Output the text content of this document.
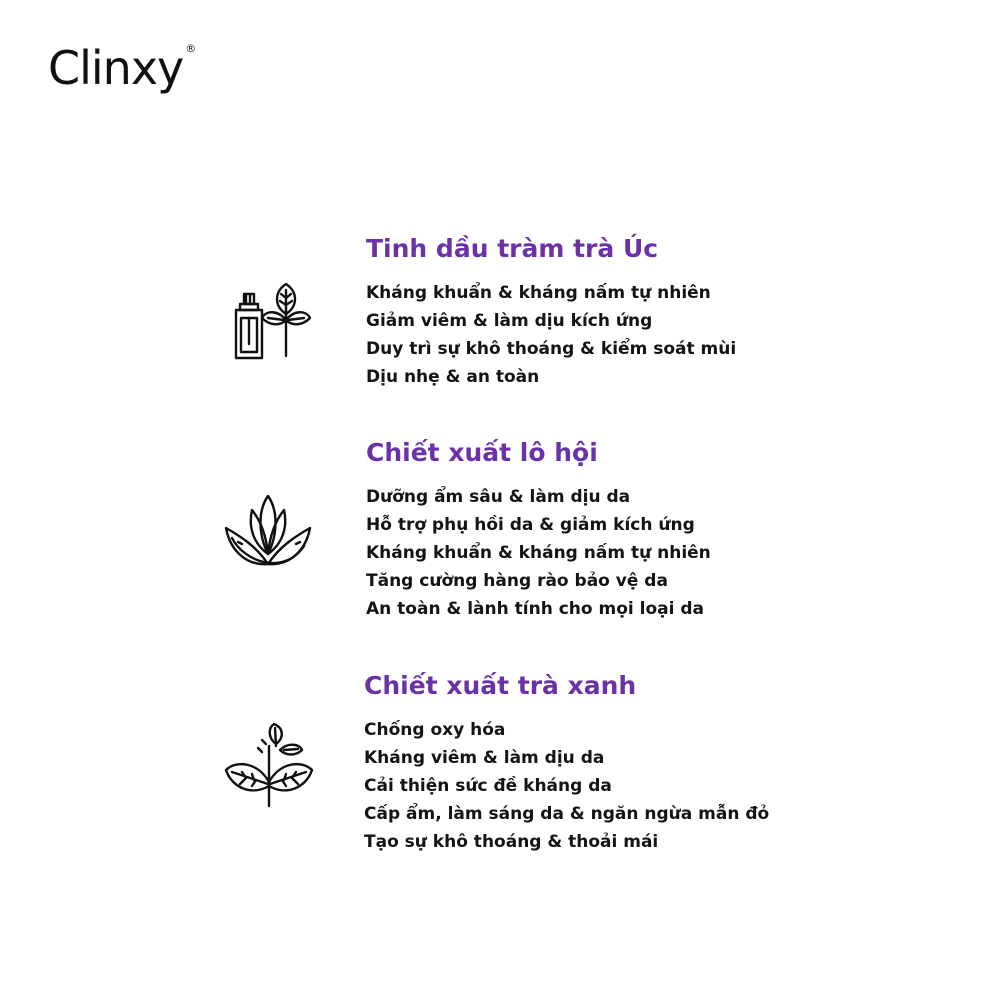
Clinxy ®
Tinh dầu tràm trà Úc
Kháng khuẩn & kháng nấm tự nhiên
Giảm viêm & làm dịu kích ứng
Duy trì sự khô thoáng & kiểm soát mùi
Dịu nhẹ & an toàn
Chiết xuất lô hội
Dưỡng ẩm sâu & làm dịu da
Hỗ trợ phụ hồi da & giảm kích ứng
Kháng khuẩn & kháng nấm tự nhiên
Tăng cường hàng rào bảo vệ da
An toàn & lành tính cho mọi loại da
Chiết xuất trà xanh
Chống oxy hóa
Kháng viêm & làm dịu da
Cải thiện sức đề kháng da
Cấp ẩm, làm sáng da & ngăn ngừa mẫn đỏ
Tạo sự khô thoáng & thoải mái
